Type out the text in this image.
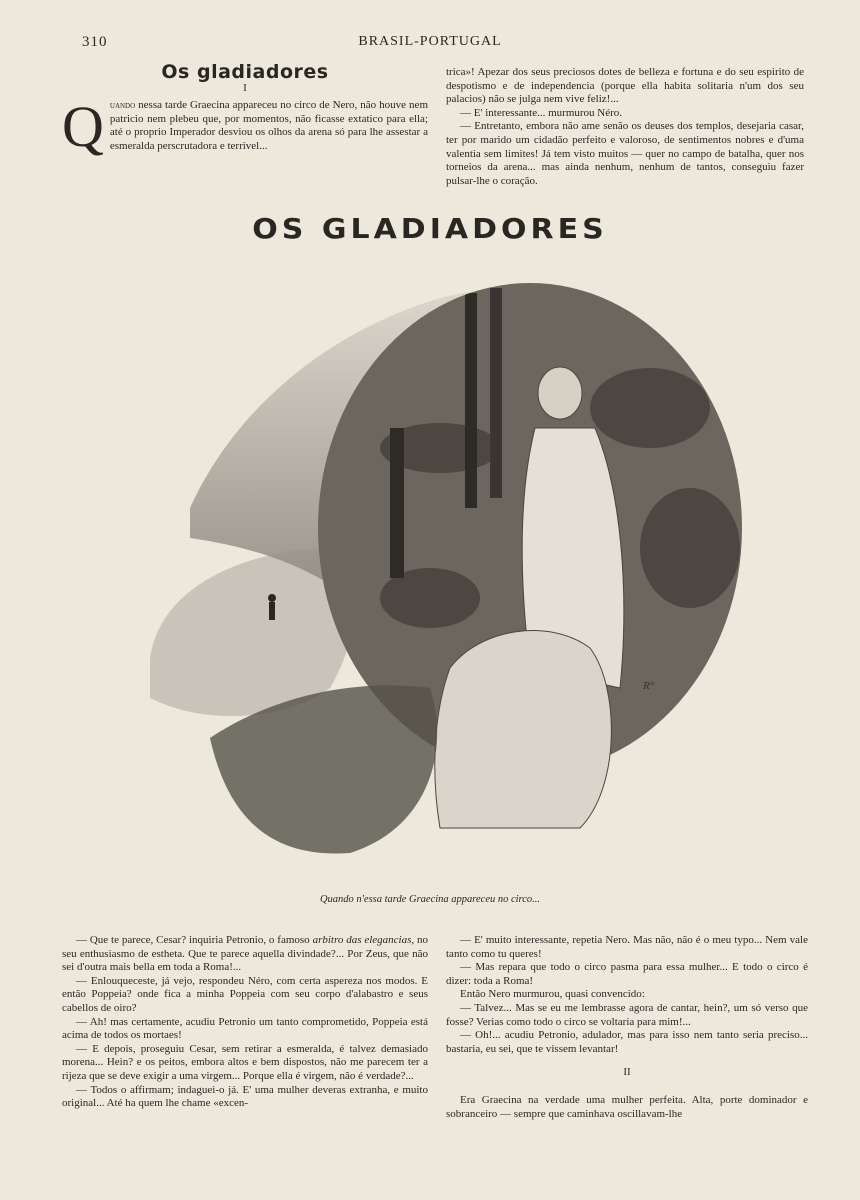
310	BRASIL-PORTUGAL
Os gladiadores
I

Quando nessa tarde Graecina appareceu no circo de Nero, não houve nem patricio nem plebeu que, por momentos, não ficasse extatico para ella; até o proprio Imperador desviou os olhos da arena só para lhe assestar a esmeralda perscrutadora e terrivel...

trica»! Apezar dos seus preciosos dotes de belleza e fortuna e do seu espirito de despotismo e de independencia (porque ella habita solitaria n'um dos seu palacios) não se julga nem vive feliz!...

— E' interessante... murmurou Néro.

— Entretanto, embora não ame senão os deuses dos templos, desejaria casar, ter por marido um cidadão perfeito e valoroso, de sentimentos nobres e d'uma valentia sem limites! Já tem visto muitos — quer no campo de batalha, quer nos torneios da arena... mas ainda nenhum, nenhum de tantos, conseguiu fazer pulsar-lhe o coração.

OS GLADIADORES
R°
Quando n'essa tarde Graecina appareceu no circo...

— Que te parece, Cesar? inquiria Petronio, o famoso arbitro das elegancias, no seu enthusiasmo de estheta. Que te parece aquella divindade?... Por Zeus, que não sei d'outra mais bella em toda a Roma!...

— Enlouqueceste, já vejo, respondeu Néro, com certa aspereza nos modos. E então Poppeia? onde fica a minha Poppeia com seu corpo d'alabastro e seus cabellos de oiro?

— Ah! mas certamente, acudiu Petronio um tanto comprometido, Poppeia está acima de todos os mortaes!

— E depois, proseguiu Cesar, sem retirar a esmeralda, é talvez demasiado morena... Hein? e os peitos, embora altos e bem dispostos, não me parecem ter a rijeza que se deve exigir a uma virgem... Porque ella é virgem, não é verdade?...

— Todos o affirmam; indaguei-o já. E' uma mulher deveras extranha, e muito original... Até ha quem lhe chame «excen-

— E' muito interessante, repetia Nero. Mas não, não é o meu typo... Nem vale tanto como tu queres!

— Mas repara que todo o circo pasma para essa mulher... E todo o circo é dizer: toda a Roma!

Então Nero murmurou, quasi convencido:

— Talvez... Mas se eu me lembrasse agora de cantar, hein?, um só verso que fosse? Verias como todo o circo se voltaria para mim!...

— Oh!... acudiu Petronio, adulador, mas para isso nem tanto seria preciso... bastaria, eu sei, que te vissem levantar!

II

Era Graecina na verdade uma mulher perfeita. Alta, porte dominador e sobranceiro — sempre que caminhava oscillavam-lhe
